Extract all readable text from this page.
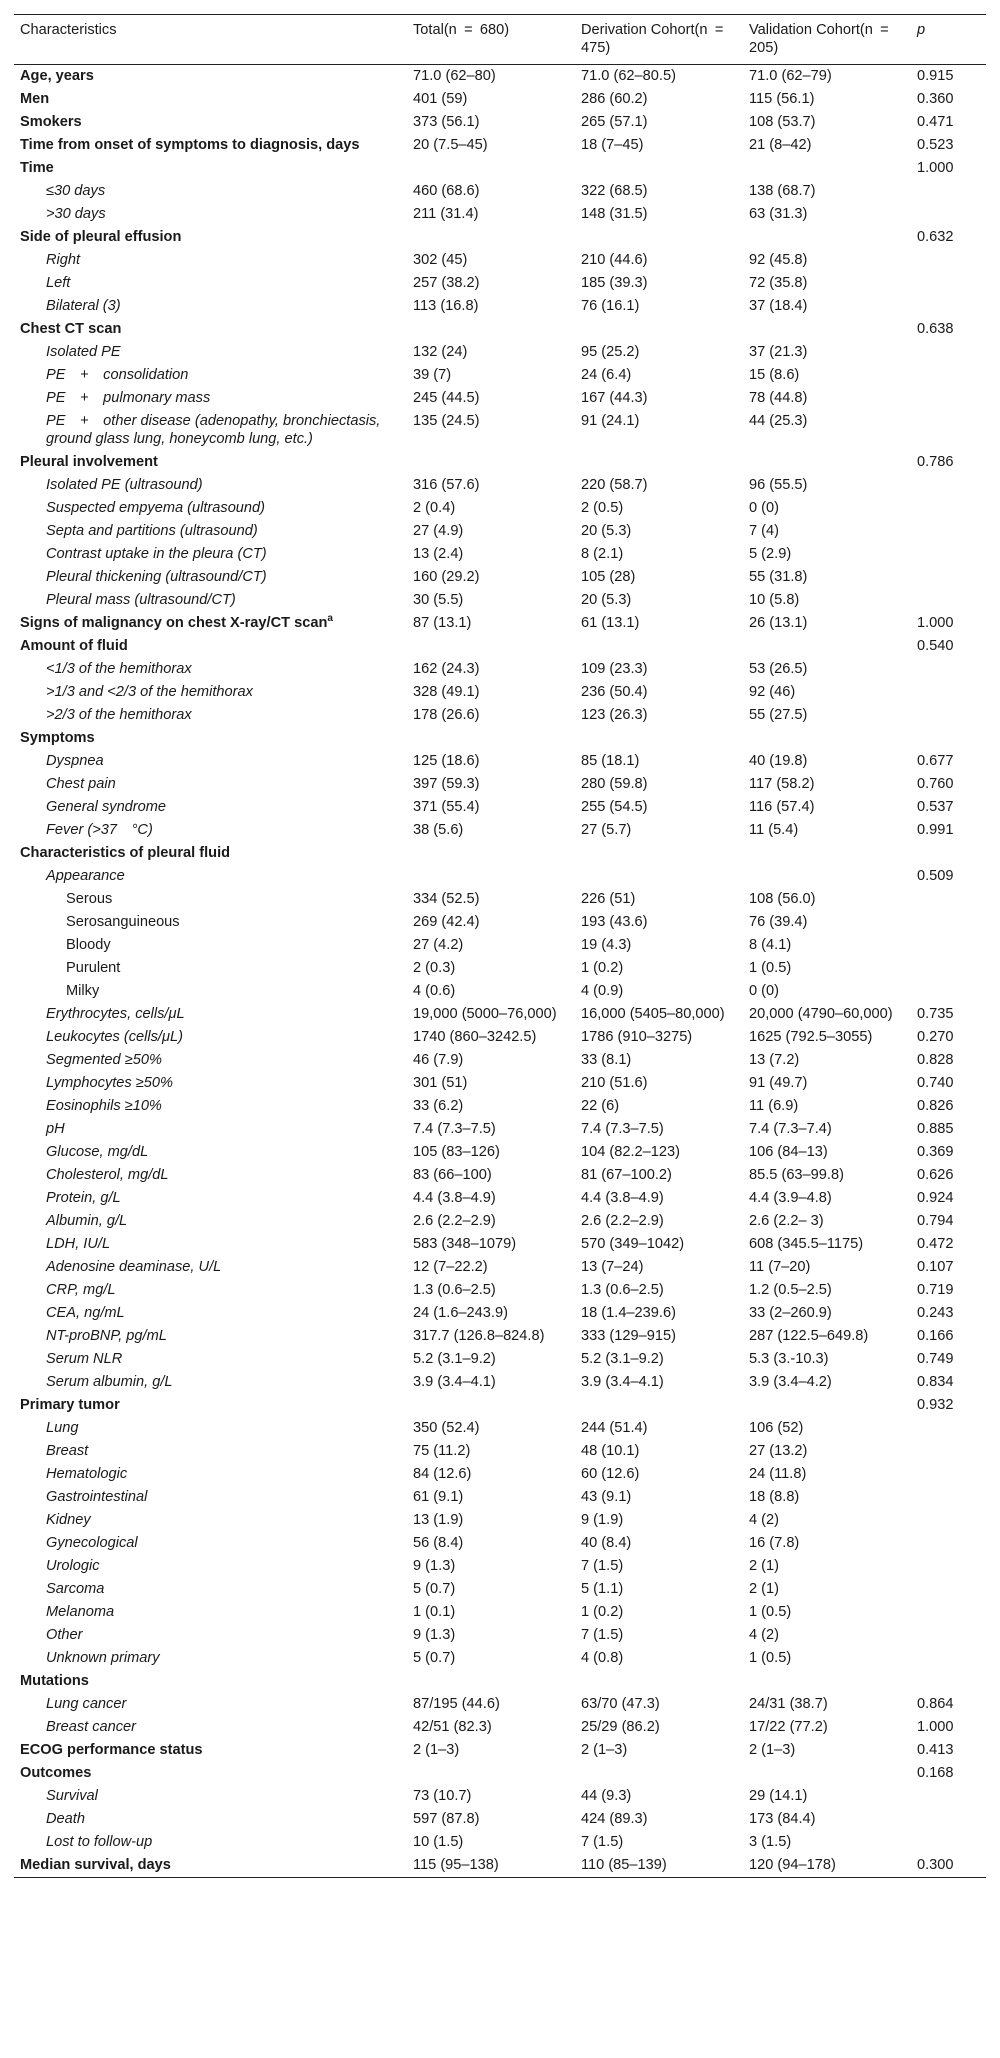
Characteristics	Total(n = 680)	Derivation Cohort(n = 475)	Validation Cohort(n = 205)	p
Age, years	71.0 (62–80)	71.0 (62–80.5)	71.0 (62–79)	0.915
Men	401 (59)	286 (60.2)	115 (56.1)	0.360
Smokers	373 (56.1)	265 (57.1)	108 (53.7)	0.471
Time from onset of symptoms to diagnosis, days	20 (7.5–45)	18 (7–45)	21 (8–42)	0.523
Time				1.000
≤30 days	460 (68.6)	322 (68.5)	138 (68.7)	
>30 days	211 (31.4)	148 (31.5)	63 (31.3)	
Side of pleural effusion				0.632
Right	302 (45)	210 (44.6)	92 (45.8)	
Left	257 (38.2)	185 (39.3)	72 (35.8)	
Bilateral (3)	113 (16.8)	76 (16.1)	37 (18.4)	
Chest CT scan				0.638
Isolated PE	132 (24)	95 (25.2)	37 (21.3)	
PE + consolidation	39 (7)	24 (6.4)	15 (8.6)	
PE + pulmonary mass	245 (44.5)	167 (44.3)	78 (44.8)	
PE + other disease (adenopathy, bronchiectasis, ground glass lung, honeycomb lung, etc.)	135 (24.5)	91 (24.1)	44 (25.3)	
Pleural involvement				0.786
Isolated PE (ultrasound)	316 (57.6)	220 (58.7)	96 (55.5)	
Suspected empyema (ultrasound)	2 (0.4)	2 (0.5)	0 (0)	
Septa and partitions (ultrasound)	27 (4.9)	20 (5.3)	7 (4)	
Contrast uptake in the pleura (CT)	13 (2.4)	8 (2.1)	5 (2.9)	
Pleural thickening (ultrasound/CT)	160 (29.2)	105 (28)	55 (31.8)	
Pleural mass (ultrasound/CT)	30 (5.5)	20 (5.3)	10 (5.8)	
Signs of malignancy on chest X-ray/CT scan$^a$	87 (13.1)	61 (13.1)	26 (13.1)	1.000
Amount of fluid				0.540
<1/3 of the hemithorax	162 (24.3)	109 (23.3)	53 (26.5)	
>1/3 and <2/3 of the hemithorax	328 (49.1)	236 (50.4)	92 (46)	
>2/3 of the hemithorax	178 (26.6)	123 (26.3)	55 (27.5)	
Symptoms				
Dyspnea	125 (18.6)	85 (18.1)	40 (19.8)	0.677
Chest pain	397 (59.3)	280 (59.8)	117 (58.2)	0.760
General syndrome	371 (55.4)	255 (54.5)	116 (57.4)	0.537
Fever (>37 °C)	38 (5.6)	27 (5.7)	11 (5.4)	0.991
Characteristics of pleural fluid				
Appearance				0.509
Serous	334 (52.5)	226 (51)	108 (56.0)	
Serosanguineous	269 (42.4)	193 (43.6)	76 (39.4)	
Bloody	27 (4.2)	19 (4.3)	8 (4.1)	
Purulent	2 (0.3)	1 (0.2)	1 (0.5)	
Milky	4 (0.6)	4 (0.9)	0 (0)	
Erythrocytes, cells/μL	19,000 (5000–76,000)	16,000 (5405–80,000)	20,000 (4790–60,000)	0.735
Leukocytes (cells/μL)	1740 (860–3242.5)	1786 (910–3275)	1625 (792.5–3055)	0.270
Segmented ≥50%	46 (7.9)	33 (8.1)	13 (7.2)	0.828
Lymphocytes ≥50%	301 (51)	210 (51.6)	91 (49.7)	0.740
Eosinophils ≥10%	33 (6.2)	22 (6)	11 (6.9)	0.826
pH	7.4 (7.3–7.5)	7.4 (7.3–7.5)	7.4 (7.3–7.4)	0.885
Glucose, mg/dL	105 (83–126)	104 (82.2–123)	106 (84–13)	0.369
Cholesterol, mg/dL	83 (66–100)	81 (67–100.2)	85.5 (63–99.8)	0.626
Protein, g/L	4.4 (3.8–4.9)	4.4 (3.8–4.9)	4.4 (3.9–4.8)	0.924
Albumin, g/L	2.6 (2.2–2.9)	2.6 (2.2–2.9)	2.6 (2.2– 3)	0.794
LDH, IU/L	583 (348–1079)	570 (349–1042)	608 (345.5–1175)	0.472
Adenosine deaminase, U/L	12 (7–22.2)	13 (7–24)	11 (7–20)	0.107
CRP, mg/L	1.3 (0.6–2.5)	1.3 (0.6–2.5)	1.2 (0.5–2.5)	0.719
CEA, ng/mL	24 (1.6–243.9)	18 (1.4–239.6)	33 (2–260.9)	0.243
NT-proBNP, pg/mL	317.7 (126.8–824.8)	333 (129–915)	287 (122.5–649.8)	0.166
Serum NLR	5.2 (3.1–9.2)	5.2 (3.1–9.2)	5.3 (3.-10.3)	0.749
Serum albumin, g/L	3.9 (3.4–4.1)	3.9 (3.4–4.1)	3.9 (3.4–4.2)	0.834
Primary tumor				0.932
Lung	350 (52.4)	244 (51.4)	106 (52)	
Breast	75 (11.2)	48 (10.1)	27 (13.2)	
Hematologic	84 (12.6)	60 (12.6)	24 (11.8)	
Gastrointestinal	61 (9.1)	43 (9.1)	18 (8.8)	
Kidney	13 (1.9)	9 (1.9)	4 (2)	
Gynecological	56 (8.4)	40 (8.4)	16 (7.8)	
Urologic	9 (1.3)	7 (1.5)	2 (1)	
Sarcoma	5 (0.7)	5 (1.1)	2 (1)	
Melanoma	1 (0.1)	1 (0.2)	1 (0.5)	
Other	9 (1.3)	7 (1.5)	4 (2)	
Unknown primary	5 (0.7)	4 (0.8)	1 (0.5)	
Mutations				
Lung cancer	87/195 (44.6)	63/70 (47.3)	24/31 (38.7)	0.864
Breast cancer	42/51 (82.3)	25/29 (86.2)	17/22 (77.2)	1.000
ECOG performance status	2 (1–3)	2 (1–3)	2 (1–3)	0.413
Outcomes				0.168
Survival	73 (10.7)	44 (9.3)	29 (14.1)	
Death	597 (87.8)	424 (89.3)	173 (84.4)	
Lost to follow-up	10 (1.5)	7 (1.5)	3 (1.5)	
Median survival, days	115 (95–138)	110 (85–139)	120 (94–178)	0.300
